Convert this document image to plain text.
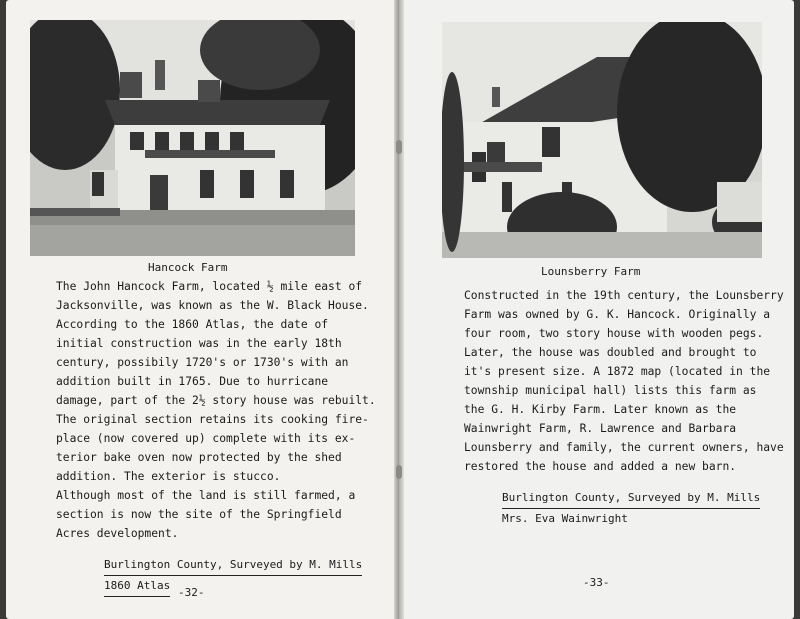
Hancock Farm
The John Hancock Farm, located ½ mile east of
Jacksonville, was known as the W. Black House.
According to the 1860 Atlas, the date of
initial construction was in the early 18th
century, possibily 1720's or 1730's with an
addition built in 1765. Due to hurricane
damage, part of the 2½ story house was rebuilt.
The original section retains its cooking fire-
place (now covered up) complete with its ex-
terior bake oven now protected by the shed
addition. The exterior is stucco.
Although most of the land is still farmed, a
section is now the site of the Springfield
Acres development.
Burlington County, Surveyed by M. Mills
1860 Atlas
-32-
Lounsberry Farm
Constructed in the 19th century, the Lounsberry
Farm was owned by G. K. Hancock. Originally a
four room, two story house with wooden pegs.
Later, the house was doubled and brought to
it's present size. A 1872 map (located in the
township municipal hall) lists this farm as
the G. H. Kirby Farm. Later known as the
Wainwright Farm, R. Lawrence and Barbara
Lounsberry and family, the current owners, have
restored the house and added a new barn.
Burlington County, Surveyed by M. Mills
Mrs. Eva Wainwright
-33-
